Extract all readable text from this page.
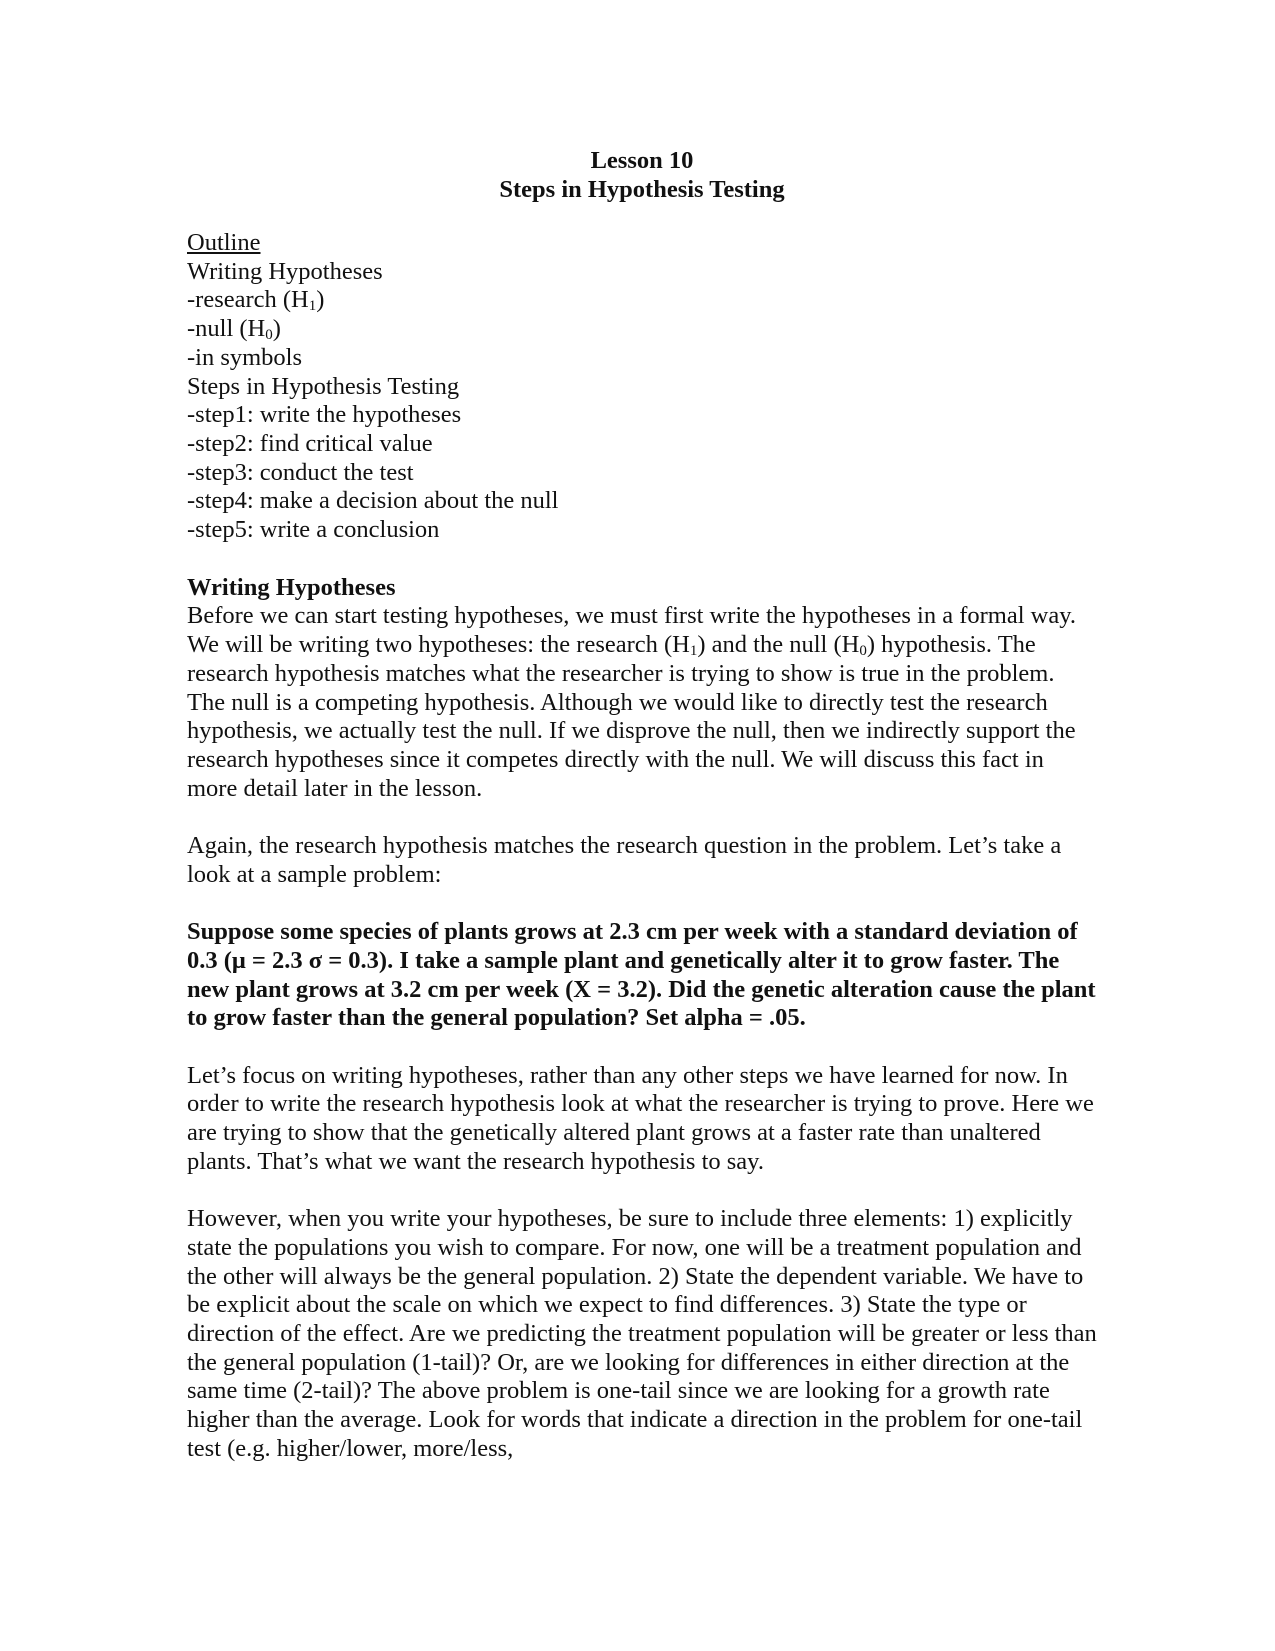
Lesson 10
Steps in Hypothesis Testing
Outline
Writing Hypotheses
-research $(H_1)$
-null $(H_0)$
-in symbols
Steps in Hypothesis Testing
-step1: write the hypotheses
-step2: find critical value
-step3: conduct the test
-step4: make a decision about the null
-step5: write a conclusion
Writing Hypotheses

Before we can start testing hypotheses, we must first write the hypotheses in a formal way. We will be writing two hypotheses: the research $(H_1)$ and the null $(H_0)$ hypothesis. The research hypothesis matches what the researcher is trying to show is true in the problem. The null is a competing hypothesis. Although we would like to directly test the research hypothesis, we actually test the null. If we disprove the null, then we indirectly support the research hypotheses since it competes directly with the null. We will discuss this fact in more detail later in the lesson.

Again, the research hypothesis matches the research question in the problem. Let’s take a look at a sample problem:

Suppose some species of plants grows at 2.3 cm per week with a standard deviation of 0.3 (μ = 2.3 σ = 0.3). I take a sample plant and genetically alter it to grow faster. The new plant grows at 3.2 cm per week (X = 3.2). Did the genetic alteration cause the plant to grow faster than the general population? Set alpha = .05.

Let’s focus on writing hypotheses, rather than any other steps we have learned for now. In order to write the research hypothesis look at what the researcher is trying to prove. Here we are trying to show that the genetically altered plant grows at a faster rate than unaltered plants. That’s what we want the research hypothesis to say.

However, when you write your hypotheses, be sure to include three elements: 1) explicitly state the populations you wish to compare. For now, one will be a treatment population and the other will always be the general population. 2) State the dependent variable. We have to be explicit about the scale on which we expect to find differences. 3) State the type or direction of the effect. Are we predicting the treatment population will be greater or less than the general population (1-tail)? Or, are we looking for differences in either direction at the same time (2-tail)? The above problem is one-tail since we are looking for a growth rate higher than the average. Look for words that indicate a direction in the problem for one-tail test (e.g. higher/lower, more/less,
